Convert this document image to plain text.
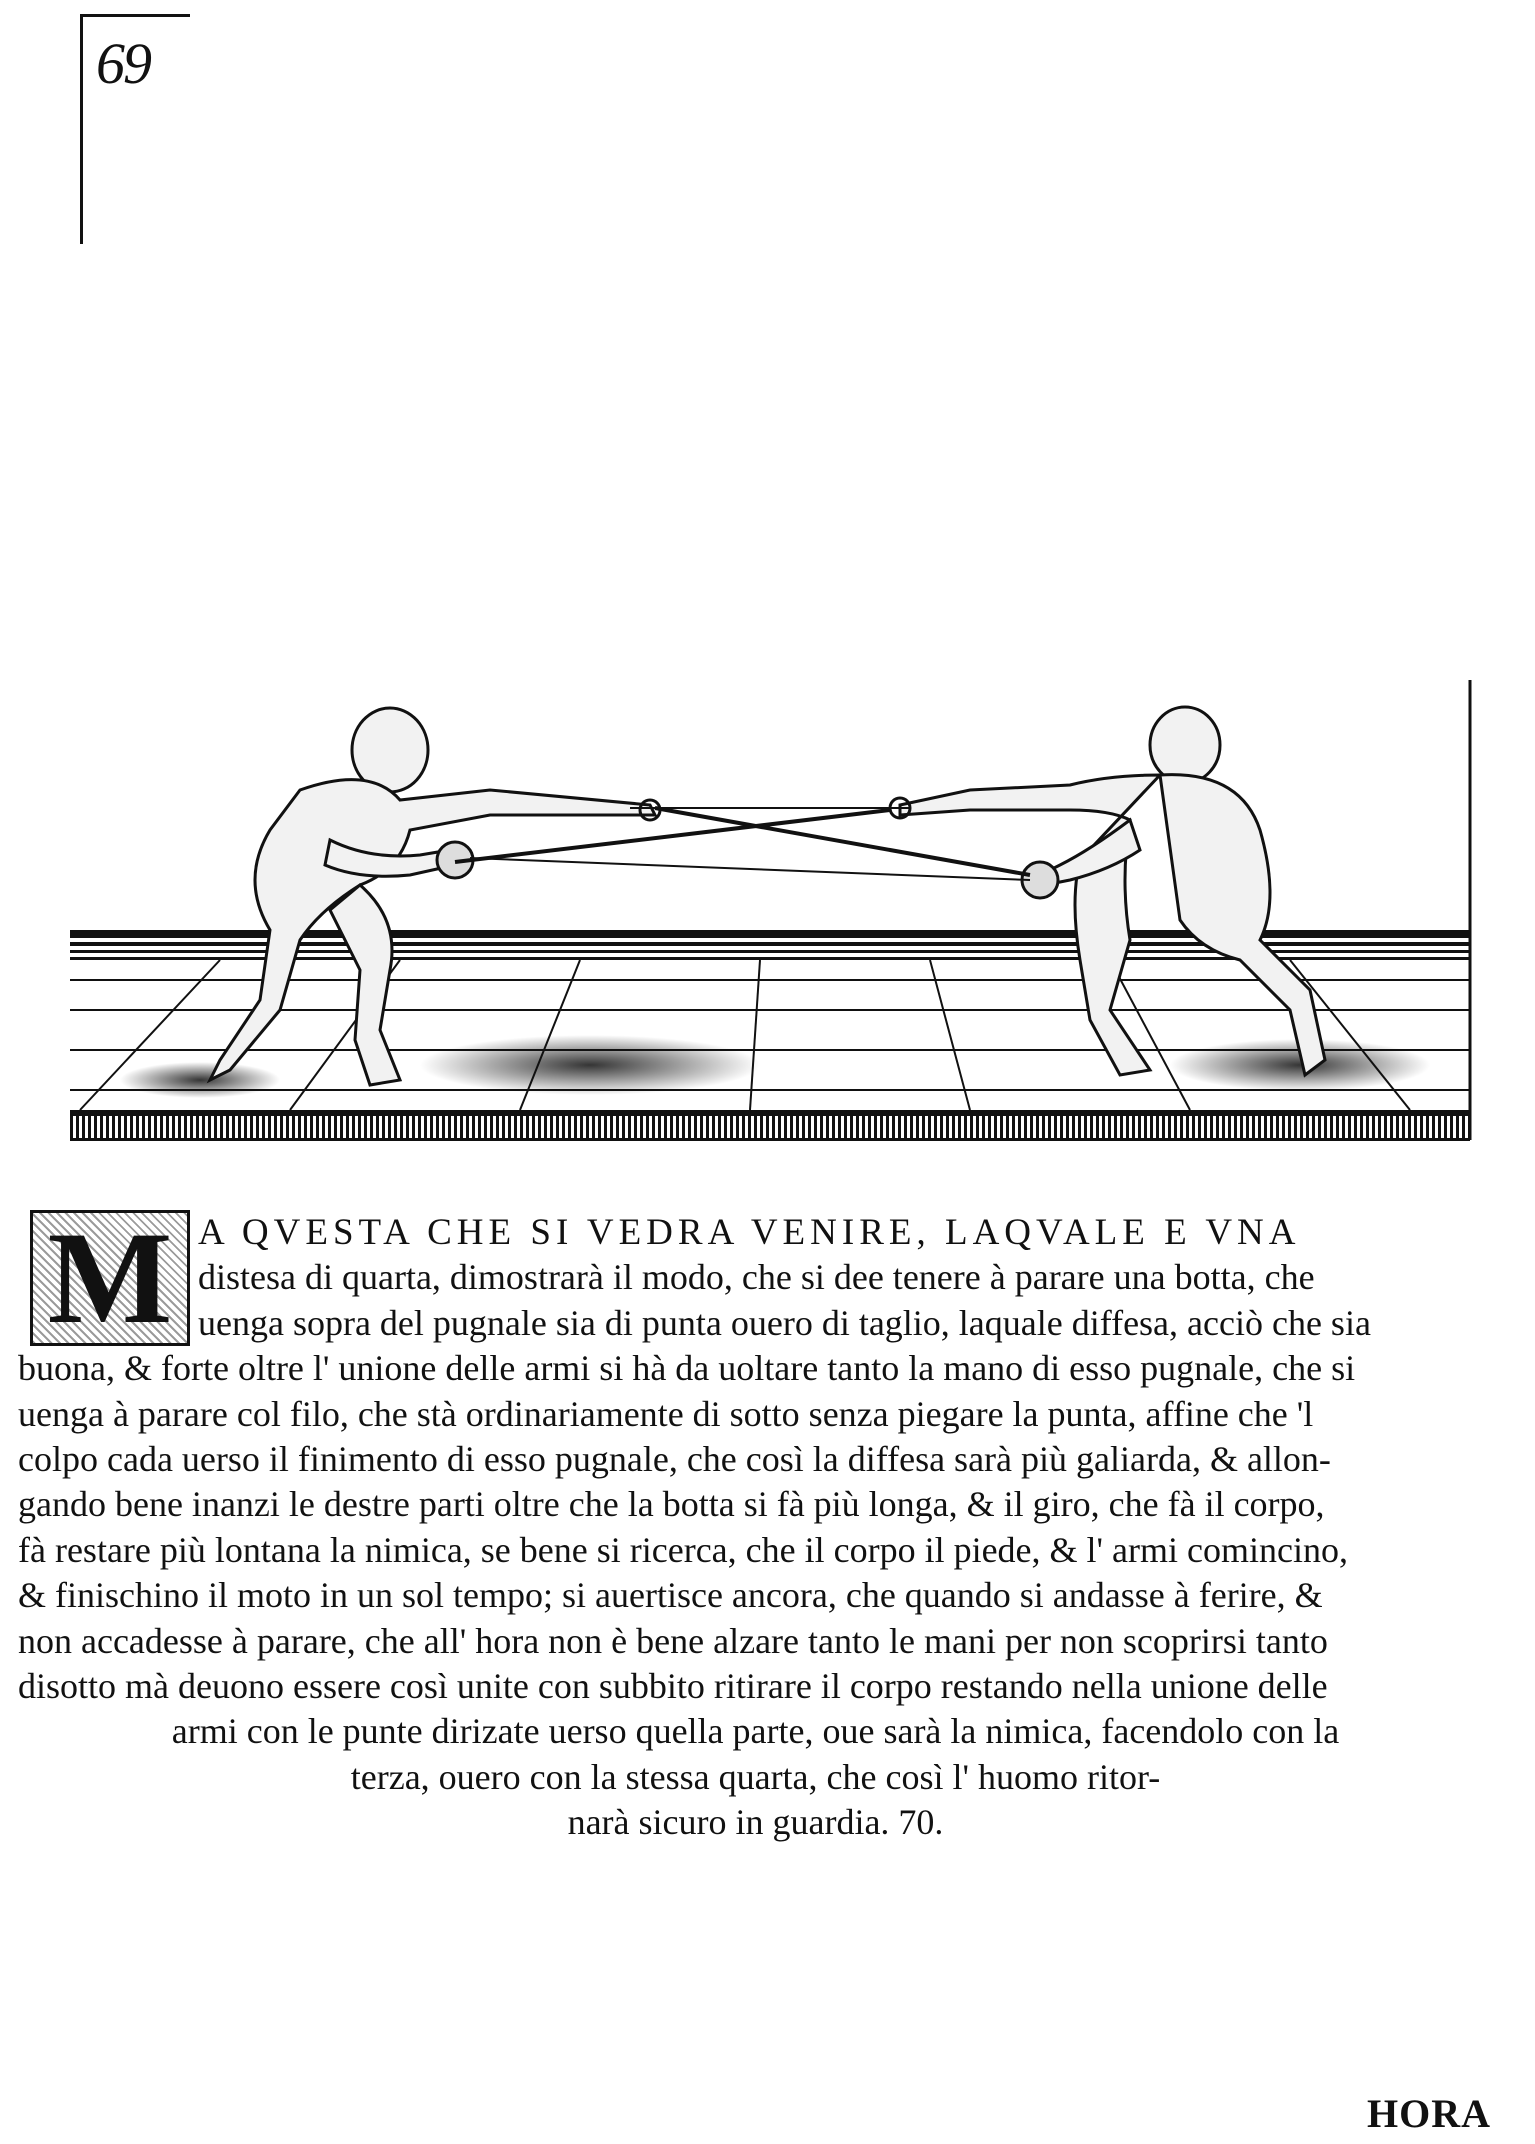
69
M A QVESTA CHE SI VEDRA VENIRE, LAQVALE E VNA
distesa di quarta, dimostrarà il modo, che si dee tenere à parare una botta, che
uenga sopra del pugnale sia di punta ouero di taglio, laquale diffesa, acciò che sia

buona, & forte oltre l' unione delle armi si hà da uoltare tanto la mano di esso pugnale, che si
uenga à parare col filo, che stà ordinariamente di sotto senza piegare la punta, affine che 'l
colpo cada uerso il finimento di esso pugnale, che così la diffesa sarà più galiarda, & allon-
gando bene inanzi le destre parti oltre che la botta si fà più longa, & il giro, che fà il corpo,
fà restare più lontana la nimica, se bene si ricerca, che il corpo il piede, & l' armi comincino,
& finischino il moto in un sol tempo; si auertisce ancora, che quando si andasse à ferire, &
non accadesse à parare, che all' hora non è bene alzare tanto le mani per non scoprirsi tanto
disotto mà deuono essere così unite con subbito ritirare il corpo restando nella unione delle
armi con le punte dirizate uerso quella parte, oue sarà la nimica, facendolo con la
terza, ouero con la stessa quarta, che così l' huomo ritor-
narà sicuro in guardia. 70.

HORA
